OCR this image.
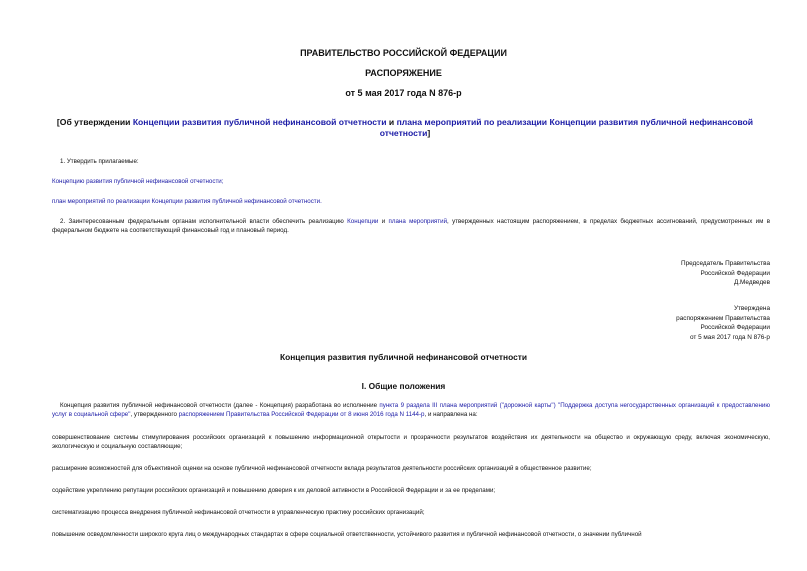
ПРАВИТЕЛЬСТВО РОССИЙСКОЙ ФЕДЕРАЦИИ
РАСПОРЯЖЕНИЕ
от 5 мая 2017 года N 876-р
[Об утверждении Концепции развития публичной нефинансовой отчетности и плана мероприятий по реализации Концепции развития публичной нефинансовой отчетности]
1. Утвердить прилагаемые:
Концепцию развития публичной нефинансовой отчетности;
план мероприятий по реализации Концепции развития публичной нефинансовой отчетности.
2. Заинтересованным федеральным органам исполнительной власти обеспечить реализацию Концепции и плана мероприятий, утвержденных настоящим распоряжением, в пределах бюджетных ассигнований, предусмотренных им в федеральном бюджете на соответствующий финансовый год и плановый период.
Председатель Правительства
Российской Федерации
Д.Медведев
Утверждена
распоряжением Правительства
Российской Федерации
от 5 мая 2017 года N 876-р
Концепция развития публичной нефинансовой отчетности
I. Общие положения
Концепция развития публичной нефинансовой отчетности (далее - Концепция) разработана во исполнение пункта 9 раздела III плана мероприятий ("дорожной карты") "Поддержка доступа негосударственных организаций к предоставлению услуг в социальной сфере", утвержденного распоряжением Правительства Российской Федерации от 8 июня 2016 года N 1144-р, и направлена на:
совершенствование системы стимулирования российских организаций к повышению информационной открытости и прозрачности результатов воздействия их деятельности на общество и окружающую среду, включая экономическую, экологическую и социальную составляющие;
расширение возможностей для объективной оценки на основе публичной нефинансовой отчетности вклада результатов деятельности российских организаций в общественное развитие;
содействие укреплению репутации российских организаций и повышению доверия к их деловой активности в Российской Федерации и за ее пределами;
систематизацию процесса внедрения публичной нефинансовой отчетности в управленческую практику российских организаций;
повышение осведомленности широкого круга лиц о международных стандартах в сфере социальной ответственности, устойчивого развития и публичной нефинансовой отчетности, о значении публичной
